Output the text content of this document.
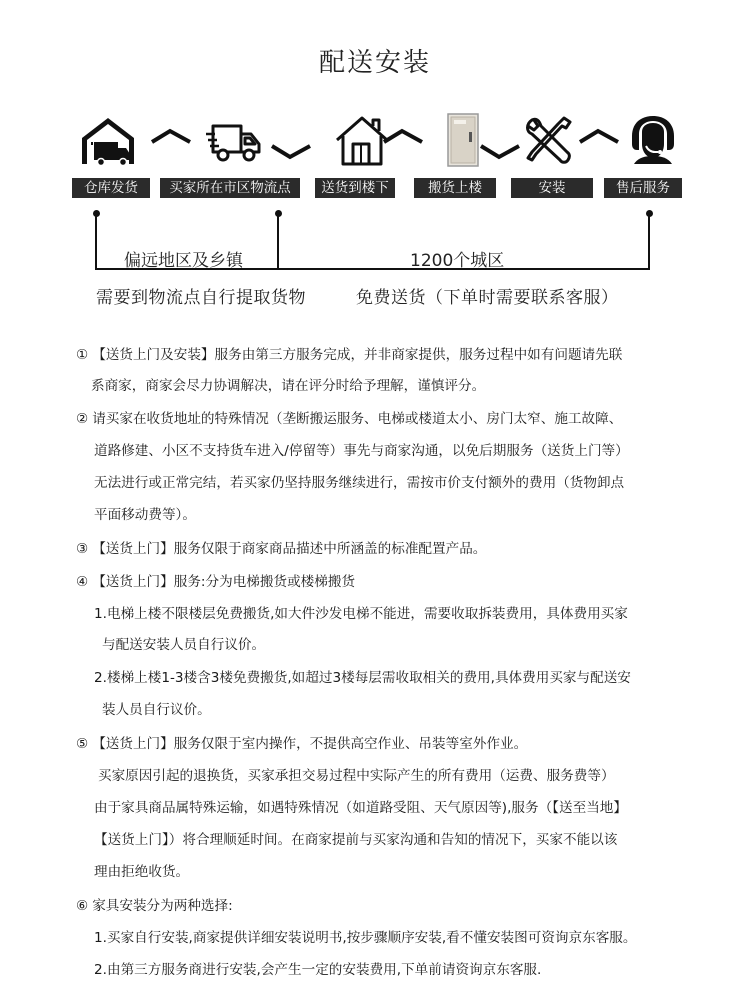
配送安装
仓库发货	买家所在市区物流点	送货到楼下	搬货上楼	安装	售后服务
偏远地区及乡镇	1200个城区
需要到物流点自行提取货物	免费送货（下单时需要联系客服）
① 【送货上门及安装】服务由第三方服务完成，并非商家提供，服务过程中如有问题请先联
系商家，商家会尽力协调解决，请在评分时给予理解，谨慎评分。
② 请买家在收货地址的特殊情况（垄断搬运服务、电梯或楼道太小、房门太窄、施工故障、
道路修建、小区不支持货车进入/停留等）事先与商家沟通，以免后期服务（送货上门等）
无法进行或正常完结，若买家仍坚持服务继续进行，需按市价支付额外的费用（货物卸点
平面移动费等）。
③ 【送货上门】服务仅限于商家商品描述中所涵盖的标准配置产品。
④ 【送货上门】服务:分为电梯搬货或楼梯搬货
1.电梯上楼不限楼层免费搬货,如大件沙发电梯不能进，需要收取拆装费用，具体费用买家
与配送安装人员自行议价。
2.楼梯上楼1-3楼含3楼免费搬货,如超过3楼每层需收取相关的费用,具体费用买家与配送安
装人员自行议价。
⑤ 【送货上门】服务仅限于室内操作，不提供高空作业、吊装等室外作业。
买家原因引起的退换货，买家承担交易过程中实际产生的所有费用（运费、服务费等）
由于家具商品属特殊运输，如遇特殊情况（如道路受阻、天气原因等),服务（【送至当地】
【送货上门】）将合理顺延时间。在商家提前与买家沟通和告知的情况下，买家不能以该
理由拒绝收货。
⑥ 家具安装分为两种选择:
1.买家自行安装,商家提供详细安装说明书,按步骤顺序安装,看不懂安装图可资询京东客服。
2.由第三方服务商进行安装,会产生一定的安装费用,下单前请资询京东客服.
